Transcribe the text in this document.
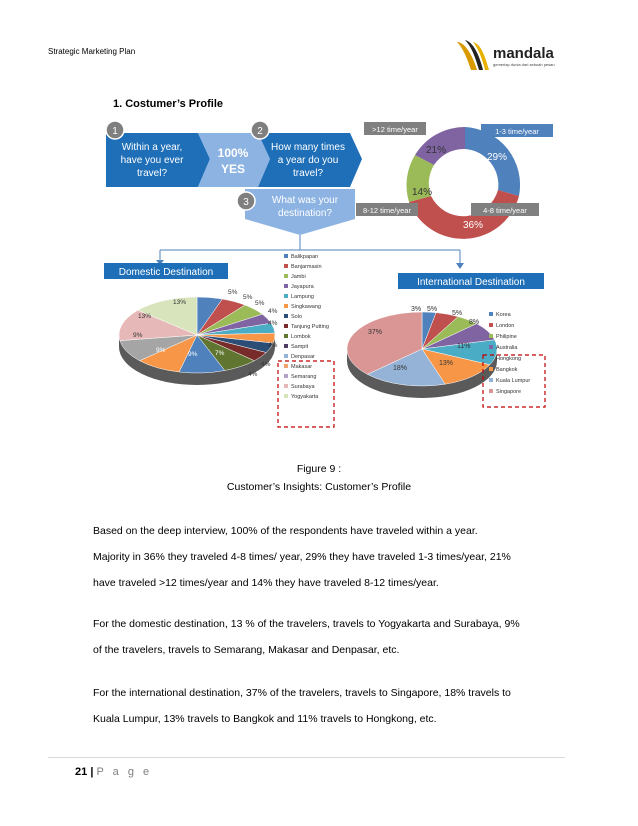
Strategic Marketing Plan	mandala
gemerlap dunia dari sebuah pesan
1. Costumer’s Profile
1
Within a year,
have you ever
travel?
100%
YES
2
How many times
a year do you
travel?
3 What was your
destination?
21%
29%
14%
36%
>12 time/year	1-3 time/year
8-12 time/year	4-8 time/year
Domestic Destination
5%
5%
5%
4%
4%
4%
4%
4%
7%
9%
9%
9%
13%
13%
Balikpapan
Banjarmasin
Jambi
Jayapura
Lampung
Singkawang
Solo
Tanjung Putting
Lombok
Sampit
Denpasar
Makasar
Semarang
Surabaya
Yogyakarta
International Destination
3% 5%
5%
8%
11%
13%
18%
37%
Korea
London
Philipine
Australia
Hongkong
Bangkok
Kuala Lumpur
Singapore
Figure 9 :
Customer’s Insights: Customer’s Profile
Based on the deep interview, 100% of the respondents have traveled within a year.
Majority in 36% they traveled 4-8 times/ year, 29% they have traveled 1-3 times/year, 21%
have traveled >12 times/year and 14% they have traveled 8-12 times/year.
For the domestic destination, 13 % of the travelers, travels to Yogyakarta and Surabaya, 9%
of the travelers, travels to Semarang, Makasar and Denpasar, etc.
For the international destination, 37% of the travelers, travels to Singapore, 18% travels to
Kuala Lumpur, 13% travels to Bangkok and 11% travels to Hongkong, etc.
21 | P a g e
